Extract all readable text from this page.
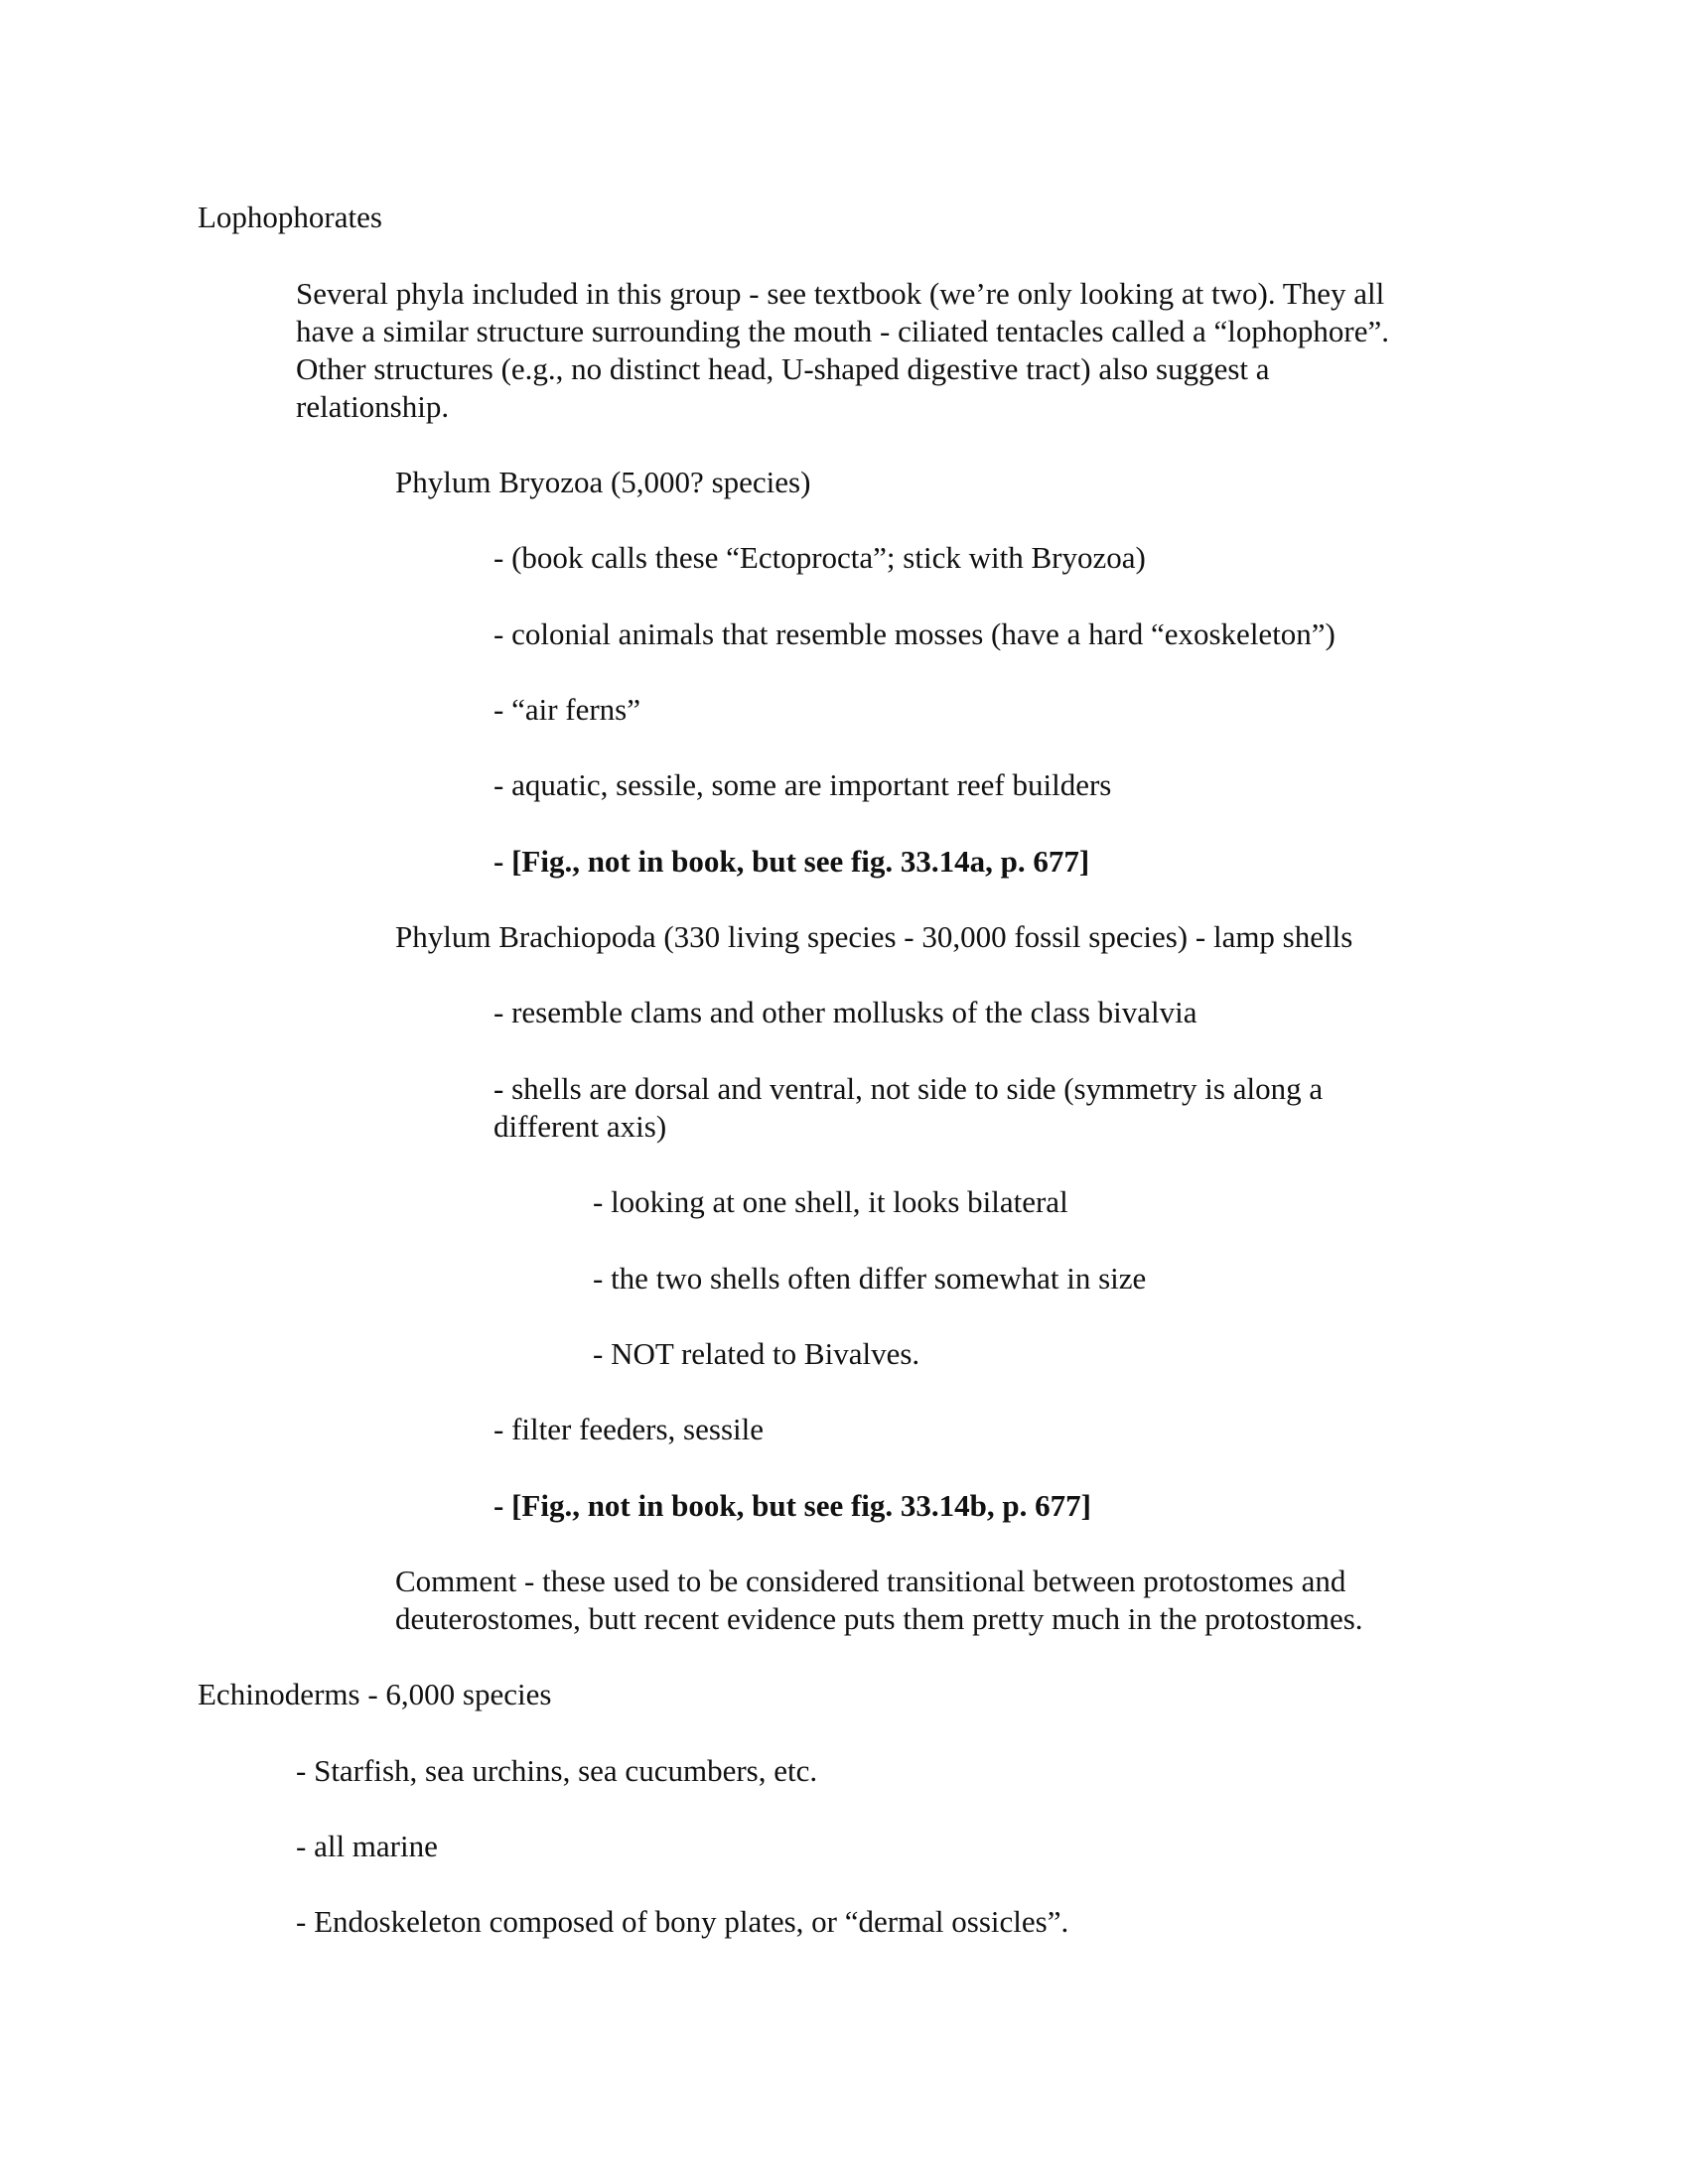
Lophophorates

Several phyla included in this group - see textbook (we’re only looking at two). They all
have a similar structure surrounding the mouth - ciliated tentacles called a “lophophore”.
Other structures (e.g., no distinct head, U-shaped digestive tract) also suggest a
relationship.

Phylum Bryozoa (5,000? species)

- (book calls these “Ectoprocta”; stick with Bryozoa)

- colonial animals that resemble mosses (have a hard “exoskeleton”)

- “air ferns”

- aquatic, sessile, some are important reef builders

- [Fig., not in book, but see fig. 33.14a, p. 677]

Phylum Brachiopoda (330 living species - 30,000 fossil species) - lamp shells

- resemble clams and other mollusks of the class bivalvia

- shells are dorsal and ventral, not side to side (symmetry is along a
different axis)

- looking at one shell, it looks bilateral

- the two shells often differ somewhat in size

- NOT related to Bivalves.

- filter feeders, sessile

- [Fig., not in book, but see fig. 33.14b, p. 677]

Comment - these used to be considered transitional between protostomes and
deuterostomes, butt recent evidence puts them pretty much in the protostomes.

Echinoderms - 6,000 species

- Starfish, sea urchins, sea cucumbers, etc.

- all marine

- Endoskeleton composed of bony plates, or “dermal ossicles”.
